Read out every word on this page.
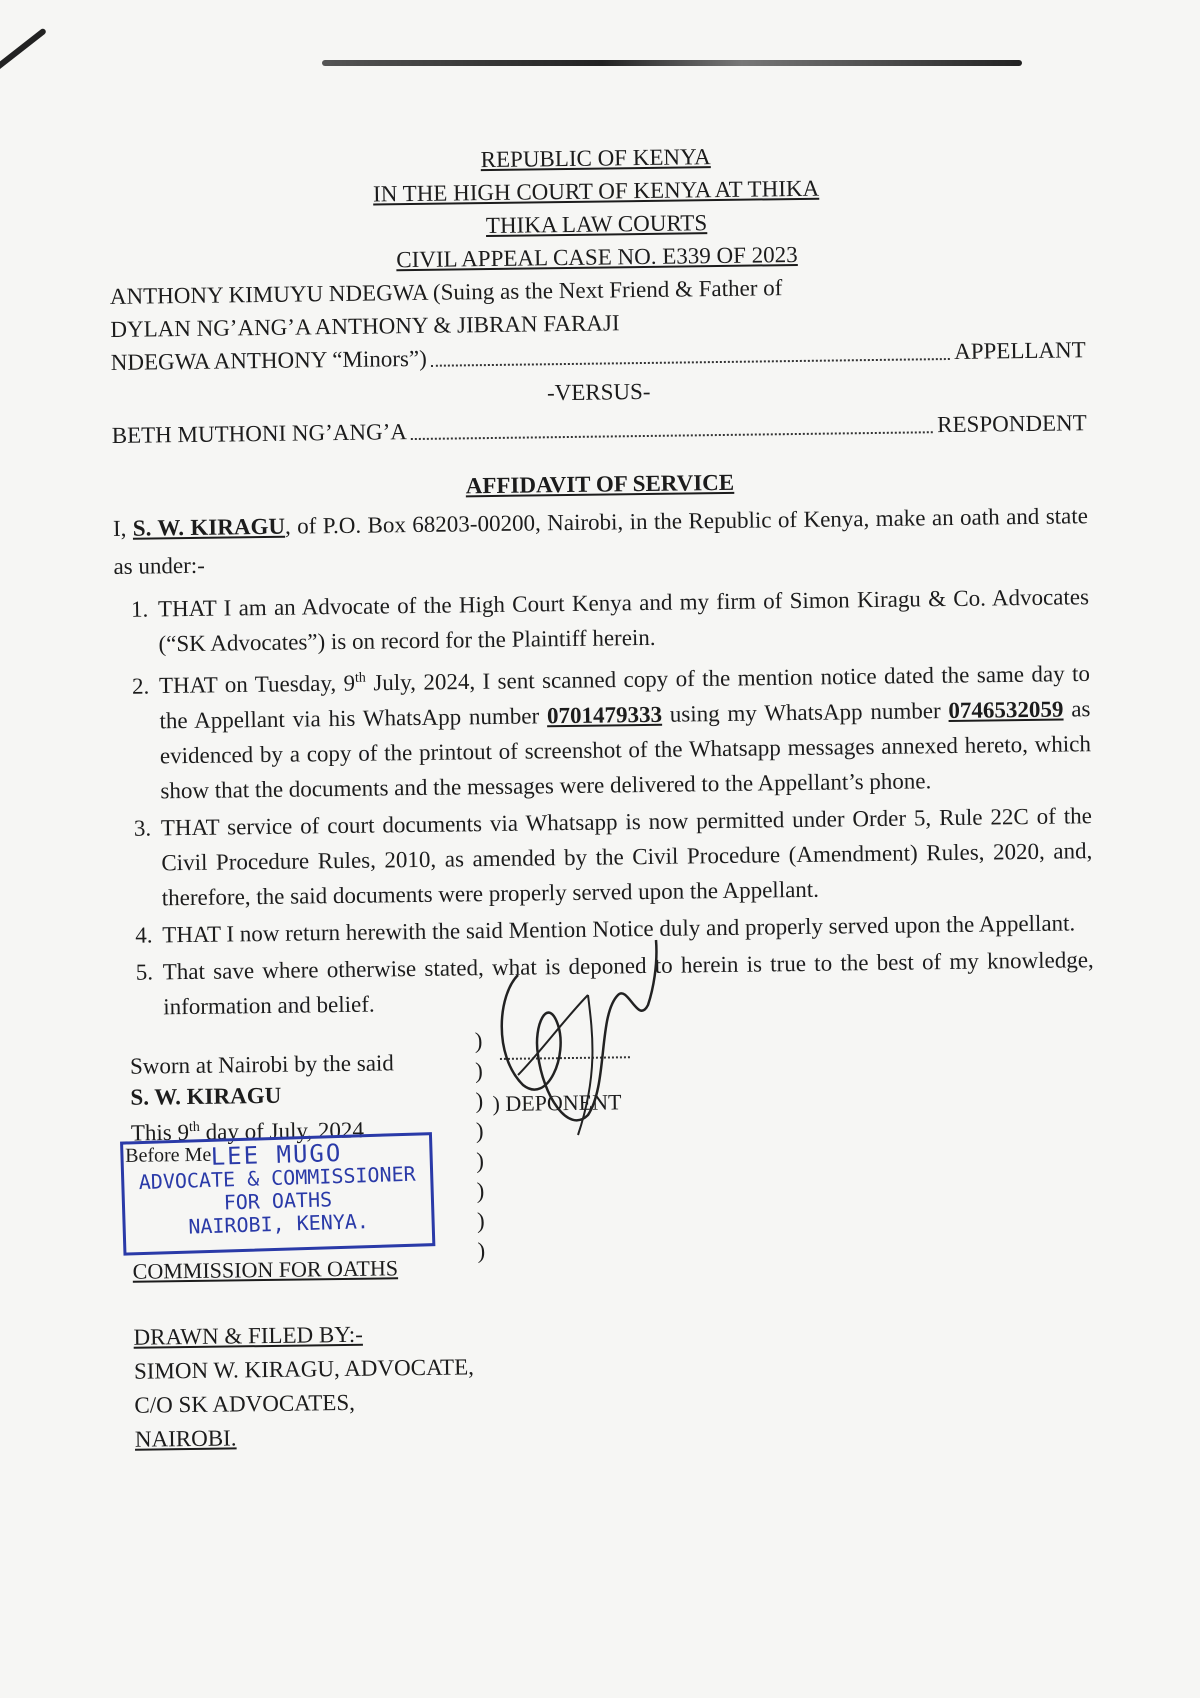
REPUBLIC OF KENYA
IN THE HIGH COURT OF KENYA AT THIKA
THIKA LAW COURTS
CIVIL APPEAL CASE NO. E339 OF 2023
ANTHONY KIMUYU NDEGWA (Suing as the Next Friend & Father of
DYLAN NG’ANG’A ANTHONY & JIBRAN FARAJI
NDEGWA ANTHONY “Minors”)	APPELLANT
-VERSUS-
BETH MUTHONI NG’ANG’A	RESPONDENT
AFFIDAVIT OF SERVICE
I, S. W. KIRAGU, of P.O. Box 68203-00200, Nairobi, in the Republic of Kenya, make an oath and state as under:-
1. THAT I am an Advocate of the High Court Kenya and my firm of Simon Kiragu & Co. Advocates (“SK Advocates”) is on record for the Plaintiff herein.
2. THAT on Tuesday, 9th July, 2024, I sent scanned copy of the mention notice dated the same day to the Appellant via his WhatsApp number 0701479333 using my WhatsApp number 0746532059 as evidenced by a copy of the printout of screenshot of the Whatsapp messages annexed hereto, which show that the documents and the messages were delivered to the Appellant’s phone.
3. THAT service of court documents via Whatsapp is now permitted under Order 5, Rule 22C of the Civil Procedure Rules, 2010, as amended by the Civil Procedure (Amendment) Rules, 2020, and, therefore, the said documents were properly served upon the Appellant.
4. THAT I now return herewith the said Mention Notice duly and properly served upon the Appellant.
5. That save where otherwise stated, what is deponed to herein is true to the best of my knowledge, information and belief.
Sworn at Nairobi by the said
S. W. KIRAGU
This 9th day of July, 2024
)
)
)
)
)
)
)
)
) DEPONENT
Before Me
LEE MUGO
ADVOCATE & COMMISSIONER
FOR OATHS
NAIROBI, KENYA.
COMMISSION FOR OATHS
DRAWN & FILED BY:-
SIMON W. KIRAGU, ADVOCATE,
C/O SK ADVOCATES,
NAIROBI.
